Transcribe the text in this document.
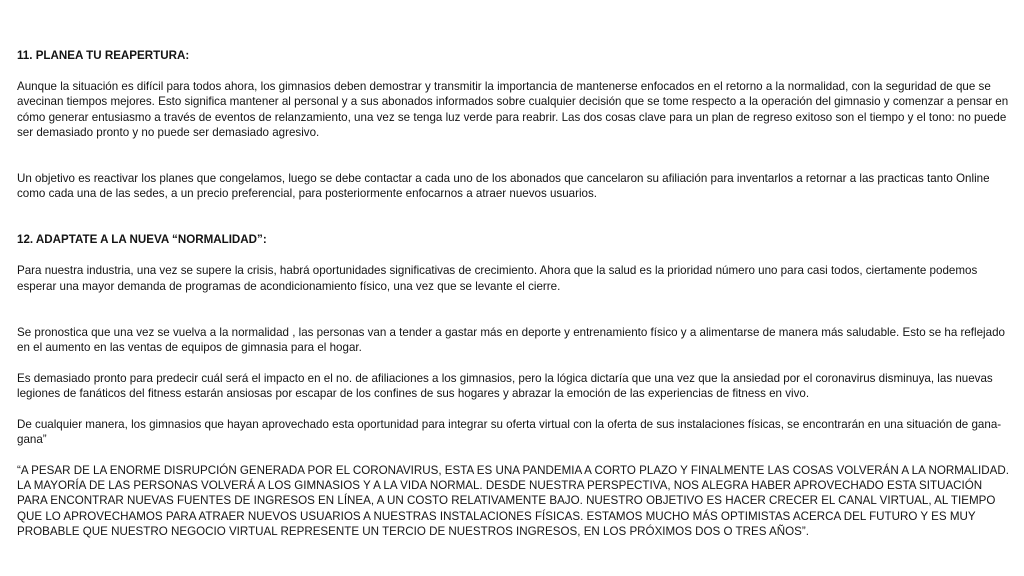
11. PLANEA TU REAPERTURA:

Aunque la situación es difícil para todos ahora, los gimnasios deben demostrar y transmitir la importancia de mantenerse enfocados en el retorno a la normalidad, con la seguridad de que se avecinan tiempos mejores. Esto significa mantener al personal y a sus abonados informados sobre cualquier decisión que se tome respecto a la operación del gimnasio y comenzar a pensar en cómo generar entusiasmo a través de eventos de relanzamiento, una vez se tenga luz verde para reabrir. Las dos cosas clave para un plan de regreso exitoso son el tiempo y el tono: no puede ser demasiado pronto y no puede ser demasiado agresivo.

Un objetivo es reactivar los planes que congelamos, luego se debe contactar a cada uno de los abonados que cancelaron su afiliación para inventarlos a retornar a las practicas tanto Online como cada una de las sedes, a un precio preferencial, para posteriormente enfocarnos a atraer nuevos usuarios.

12. ADAPTATE A LA NUEVA “NORMALIDAD”:

Para nuestra industria, una vez se supere la crisis, habrá oportunidades significativas de crecimiento. Ahora que la salud es la prioridad número uno para casi todos, ciertamente podemos esperar una mayor demanda de programas de acondicionamiento físico, una vez que se levante el cierre.

Se pronostica que una vez se vuelva a la normalidad , las personas van a tender a gastar más en deporte y entrenamiento físico y a alimentarse de manera más saludable. Esto se ha reflejado en el aumento en las ventas de equipos de gimnasia para el hogar.
Es demasiado pronto para predecir cuál será el impacto en el no. de afiliaciones a los gimnasios, pero la lógica dictaría que una vez que la ansiedad por el coronavirus disminuya, las nuevas legiones de fanáticos del fitness estarán ansiosas por escapar de los confines de sus hogares y abrazar la emoción de las experiencias de fitness en vivo.
De cualquier manera, los gimnasios que hayan aprovechado esta oportunidad para integrar su oferta virtual con la oferta de sus instalaciones físicas, se encontrarán en una situación de gana-gana”
“A PESAR DE LA ENORME DISRUPCIÓN GENERADA POR EL CORONAVIRUS, ESTA ES UNA PANDEMIA A CORTO PLAZO Y FINALMENTE LAS COSAS VOLVERÁN A LA NORMALIDAD. LA MAYORÍA DE LAS PERSONAS VOLVERÁ A LOS GIMNASIOS Y A LA VIDA NORMAL. DESDE NUESTRA PERSPECTIVA, NOS ALEGRA HABER APROVECHADO ESTA SITUACIÓN PARA ENCONTRAR NUEVAS FUENTES DE INGRESOS EN LÍNEA, A UN COSTO RELATIVAMENTE BAJO. NUESTRO OBJETIVO ES HACER CRECER EL CANAL VIRTUAL, AL TIEMPO QUE LO APROVECHAMOS PARA ATRAER NUEVOS USUARIOS A NUESTRAS INSTALACIONES FÍSICAS. ESTAMOS MUCHO MÁS OPTIMISTAS ACERCA DEL FUTURO Y ES MUY PROBABLE QUE NUESTRO NEGOCIO VIRTUAL REPRESENTE UN TERCIO DE NUESTROS INGRESOS, EN LOS PRÓXIMOS DOS O TRES AÑOS”.
